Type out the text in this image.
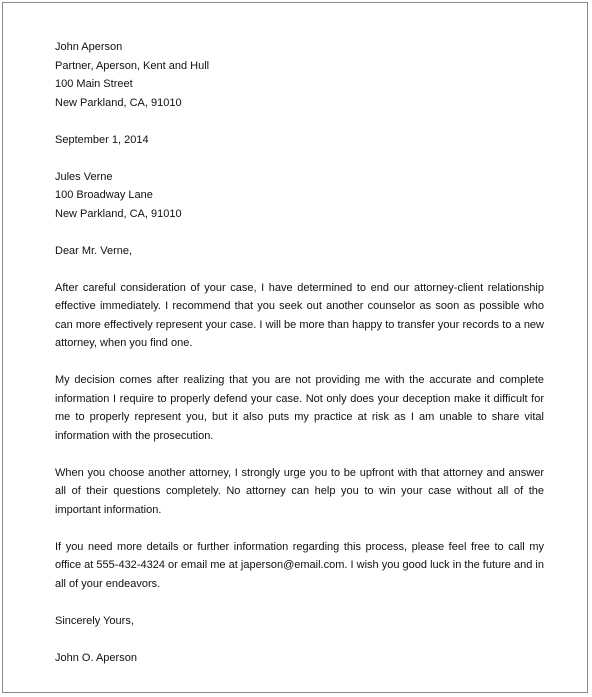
John Aperson
Partner, Aperson, Kent and Hull
100 Main Street
New Parkland, CA, 91010
September 1, 2014
Jules Verne
100 Broadway Lane
New Parkland, CA, 91010
Dear Mr. Verne,

After careful consideration of your case, I have determined to end our attorney-client relationship effective immediately. I recommend that you seek out another counselor as soon as possible who can more effectively represent your case. I will be more than happy to transfer your records to a new attorney, when you find one.

My decision comes after realizing that you are not providing me with the accurate and complete information I require to properly defend your case. Not only does your deception make it difficult for me to properly represent you, but it also puts my practice at risk as I am unable to share vital information with the prosecution.

When you choose another attorney, I strongly urge you to be upfront with that attorney and answer all of their questions completely. No attorney can help you to win your case without all of the important information.

If you need more details or further information regarding this process, please feel free to call my office at 555-432-4324 or email me at japerson@email.com. I wish you good luck in the future and in all of your endeavors.

Sincerely Yours,
John O. Aperson
